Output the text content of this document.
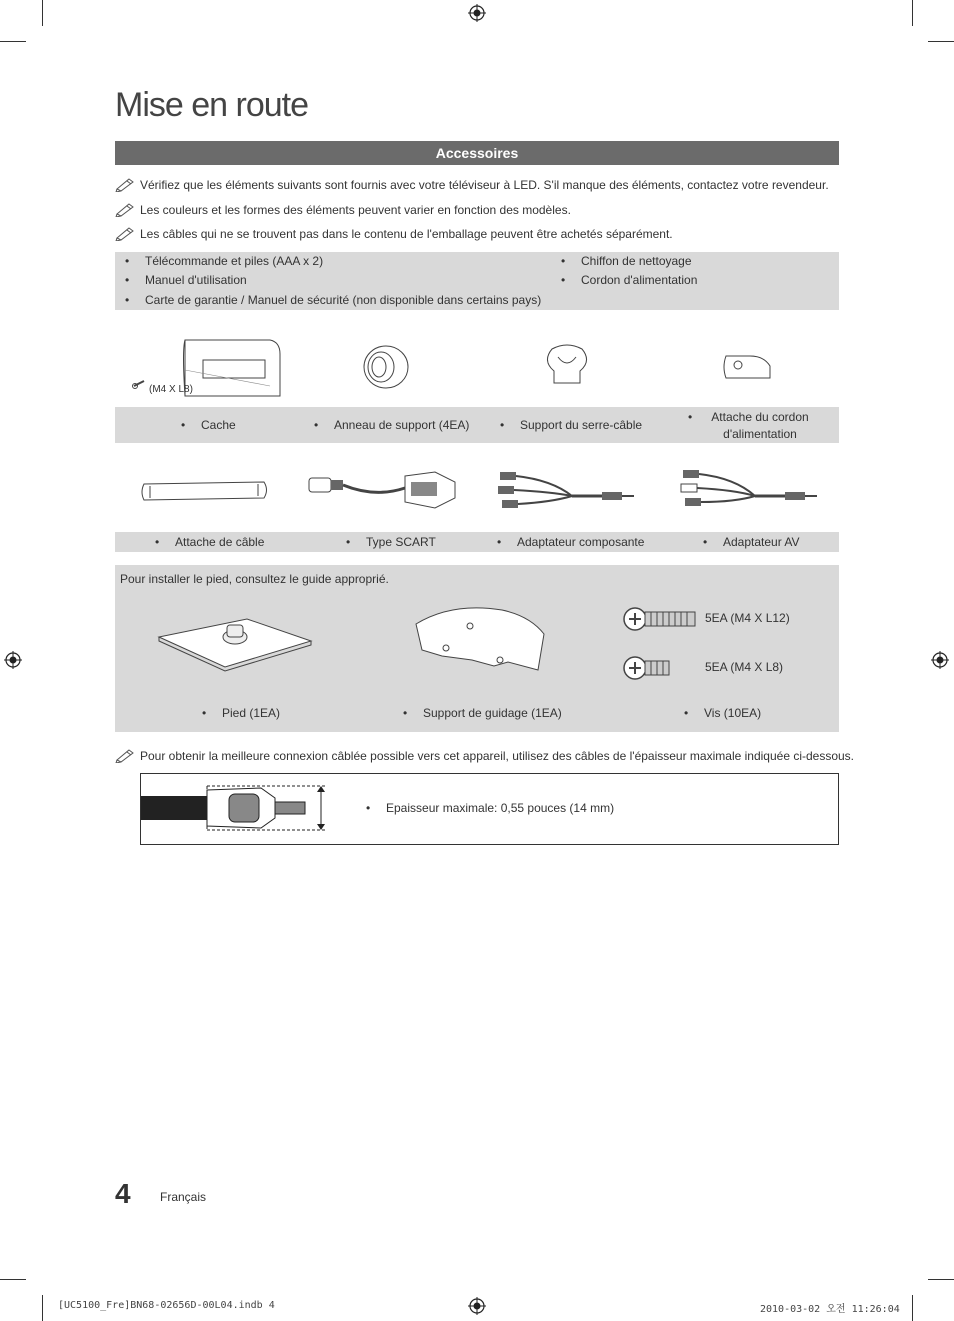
Mise en route
Accessoires
Vérifiez que les éléments suivants sont fournis avec votre téléviseur à LED. S'il manque des éléments, contactez votre revendeur.
Les couleurs et les formes des éléments peuvent varier en fonction des modèles.
Les câbles qui ne se trouvent pas dans le contenu de l'emballage peuvent être achetés séparément.
• Télécommande et piles (AAA x 2)
• Manuel d'utilisation
• Carte de garantie / Manuel de sécurité (non disponible dans certains pays)
• Chiffon de nettoyage
• Cordon d'alimentation
(M4 X L8)
• Cache	• Anneau de support (4EA)	• Support du serre-câble
• Attache du cordon d'alimentation
• Attache de câble	• Type SCART	• Adaptateur composante	• Adaptateur AV
Pour installer le pied, consultez le guide approprié.
5EA (M4 X L12)
5EA (M4 X L8)
• Pied (1EA)	• Support de guidage (1EA)	• Vis (10EA)
Pour obtenir la meilleure connexion câblée possible vers cet appareil, utilisez des câbles de l'épaisseur maximale indiquée ci-dessous.
• Epaisseur maximale: 0,55 pouces (14 mm)
4 Français
[UC5100_Fre]BN68-02656D-00L04.indb 4	2010-03-02 오전 11:26:04
